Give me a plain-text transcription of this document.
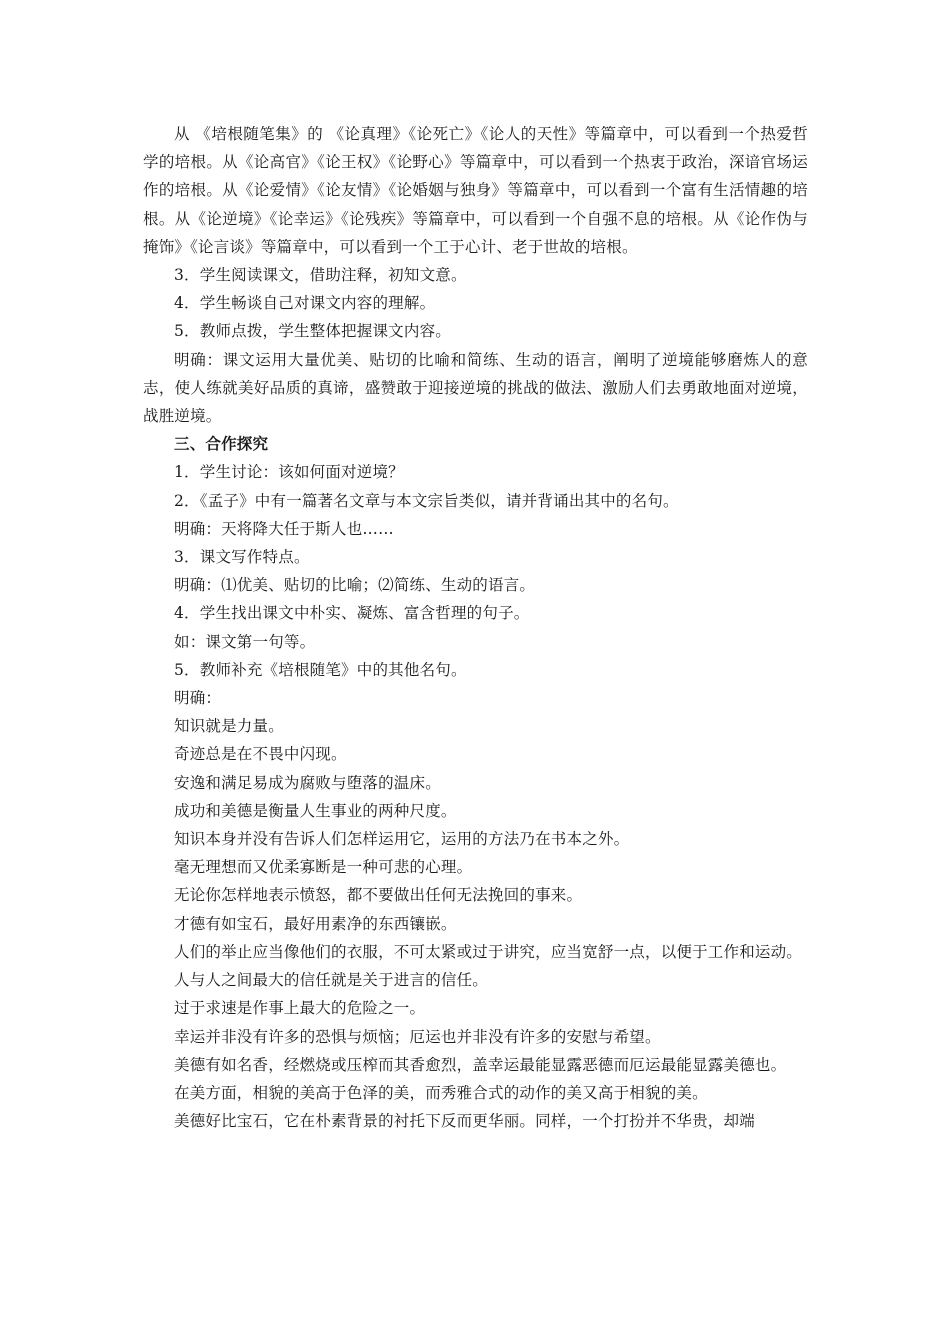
从 《培根随笔集》的 《论真理》《论死亡》《论人的天性》等篇章中，可以看到一个热爱哲学的培根。从《论高官》《论王权》《论野心》等篇章中，可以看到一个热衷于政治，深谙官场运作的培根。从《论爱情》《论友情》《论婚姻与独身》等篇章中，可以看到一个富有生活情趣的培根。从《论逆境》《论幸运》《论残疾》等篇章中，可以看到一个自强不息的培根。从《论作伪与掩饰》《论言谈》等篇章中，可以看到一个工于心计、老于世故的培根。

3．学生阅读课文，借助注释，初知文意。

4．学生畅谈自己对课文内容的理解。

5．教师点拨，学生整体把握课文内容。

明确：课文运用大量优美、贴切的比喻和简练、生动的语言，阐明了逆境能够磨炼人的意志，使人练就美好品质的真谛，盛赞敢于迎接逆境的挑战的做法、激励人们去勇敢地面对逆境，战胜逆境。

三、合作探究

1．学生讨论：该如何面对逆境？

2．《孟子》中有一篇著名文章与本文宗旨类似，请并背诵出其中的名句。

明确：天将降大任于斯人也……

3．课文写作特点。

明确：⑴优美、贴切的比喻；⑵简练、生动的语言。

4．学生找出课文中朴实、凝炼、富含哲理的句子。

如：课文第一句等。

5．教师补充《培根随笔》中的其他名句。

明确：

知识就是力量。

奇迹总是在不畏中闪现。

安逸和满足易成为腐败与堕落的温床。

成功和美德是衡量人生事业的两种尺度。

知识本身并没有告诉人们怎样运用它，运用的方法乃在书本之外。

毫无理想而又优柔寡断是一种可悲的心理。

无论你怎样地表示愤怒，都不要做出任何无法挽回的事来。

才德有如宝石，最好用素净的东西镶嵌。

人们的举止应当像他们的衣服，不可太紧或过于讲究，应当宽舒一点，以便于工作和运动。

人与人之间最大的信任就是关于进言的信任。

过于求速是作事上最大的危险之一。

幸运并非没有许多的恐惧与烦恼；厄运也并非没有许多的安慰与希望。

美德有如名香，经燃烧或压榨而其香愈烈，盖幸运最能显露恶德而厄运最能显露美德也。

在美方面，相貌的美高于色泽的美，而秀雅合式的动作的美又高于相貌的美。

美德好比宝石，它在朴素背景的衬托下反而更华丽。同样，一个打扮并不华贵，却端
